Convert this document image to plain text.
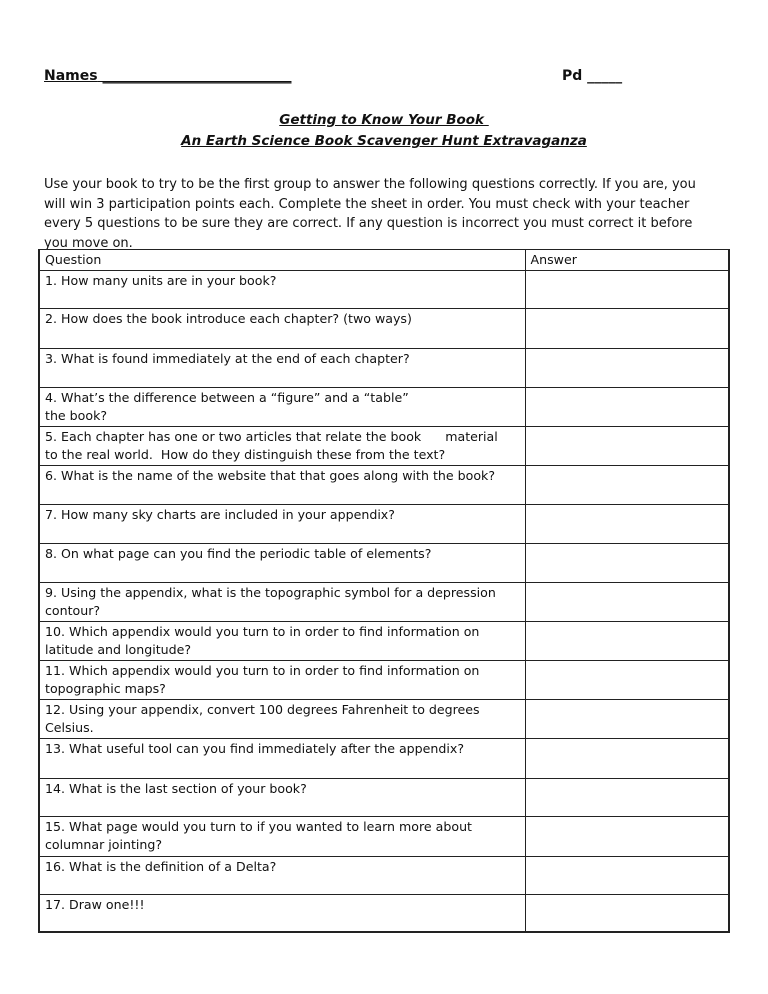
Names ___________________________	Pd _____
Getting to Know Your Book
An Earth Science Book Scavenger Hunt Extravaganza

Use your book to try to be the first group to answer the following questions correctly. If you are, you

will win 3 participation points each. Complete the sheet in order. You must check with your teacher

every 5 questions to be sure they are correct. If any question is incorrect you must correct it before

you move on.

Question	Answer
1. How many units are in your book?	
2. How does the book introduce each chapter? (two ways)	
3. What is found immediately at the end of each chapter?	
4. What’s the difference between a “figure” and a “table”
the book?	
5. Each chapter has one or two articles that relate the book      material
to the real world.  How do they distinguish these from the text?	
6. What is the name of the website that that goes along with the book?	
7. How many sky charts are included in your appendix?	
8. On what page can you find the periodic table of elements?	
9. Using the appendix, what is the topographic symbol for a depression
contour?	
10. Which appendix would you turn to in order to find information on
latitude and longitude?	
11. Which appendix would you turn to in order to find information on
topographic maps?	
12. Using your appendix, convert 100 degrees Fahrenheit to degrees
Celsius.	
13. What useful tool can you find immediately after the appendix?	
14. What is the last section of your book?	
15. What page would you turn to if you wanted to learn more about
columnar jointing?	
16. What is the definition of a Delta?	
17. Draw one!!!	
